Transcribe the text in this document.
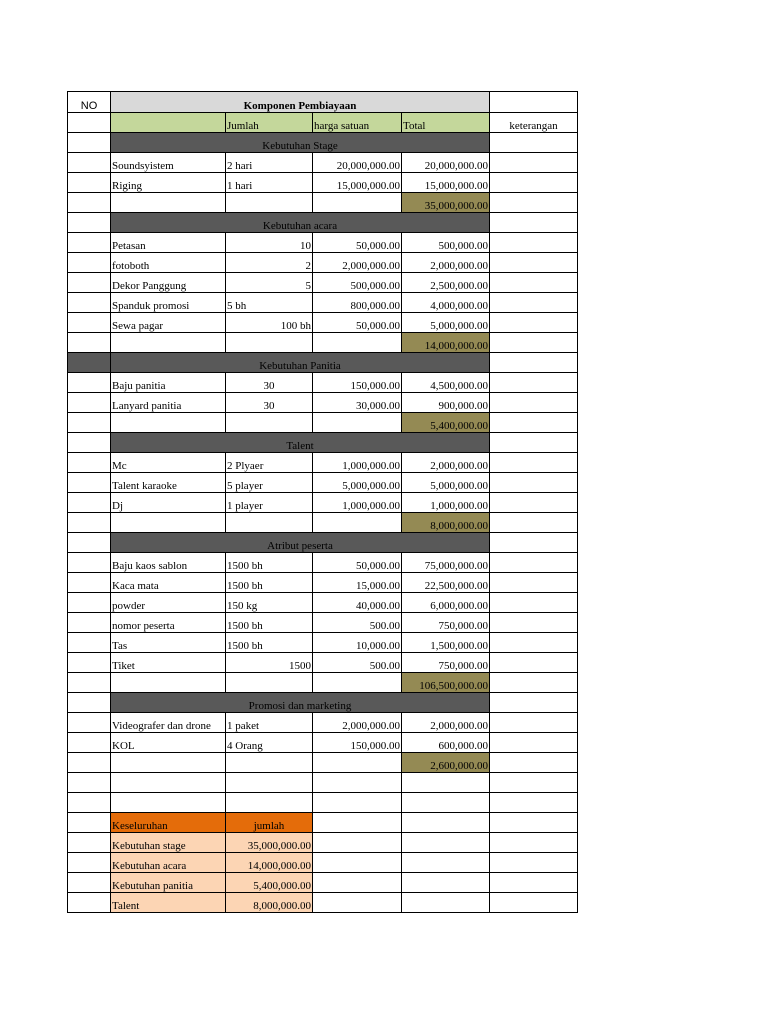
NO	Komponen Pembiayaan				
		Jumlah	harga satuan	Total	keterangan
	Kebutuhan Stage				
	Soundsyistem	2 hari	20,000,000.00	20,000,000.00	
	Riging	1 hari	15,000,000.00	15,000,000.00	
				35,000,000.00	
	Kebutuhan acara				
	Petasan	10	50,000.00	500,000.00	
	fotoboth	2	2,000,000.00	2,000,000.00	
	Dekor Panggung	5	500,000.00	2,500,000.00	
	Spanduk promosi	5 bh	800,000.00	4,000,000.00	
	Sewa pagar	100 bh	50,000.00	5,000,000.00	
				14,000,000.00	
	Kebutuhan Panitia				
	Baju panitia	30	150,000.00	4,500,000.00	
	Lanyard panitia	30	30,000.00	900,000.00	
				5,400,000.00	
	Talent				
	Mc	2 Plyaer	1,000,000.00	2,000,000.00	
	Talent karaoke	5 player	5,000,000.00	5,000,000.00	
	Dj	1 player	1,000,000.00	1,000,000.00	
				8,000,000.00	
	Atribut peserta				
	Baju kaos sablon	1500 bh	50,000.00	75,000,000.00	
	Kaca mata	1500 bh	15,000.00	22,500,000.00	
	powder	150 kg	40,000.00	6,000,000.00	
	nomor peserta	1500 bh	500.00	750,000.00	
	Tas	1500 bh	10,000.00	1,500,000.00	
	Tiket	1500	500.00	750,000.00	
				106,500,000.00	
	Promosi dan marketing				
	Videografer dan drone	1 paket	2,000,000.00	2,000,000.00	
	KOL	4 Orang	150,000.00	600,000.00	
				2,600,000.00	

	Keseluruhan	jumlah			
	Kebutuhan stage	35,000,000.00			
	Kebutuhan acara	14,000,000.00			
	Kebutuhan panitia	5,400,000.00			
	Talent	8,000,000.00			
